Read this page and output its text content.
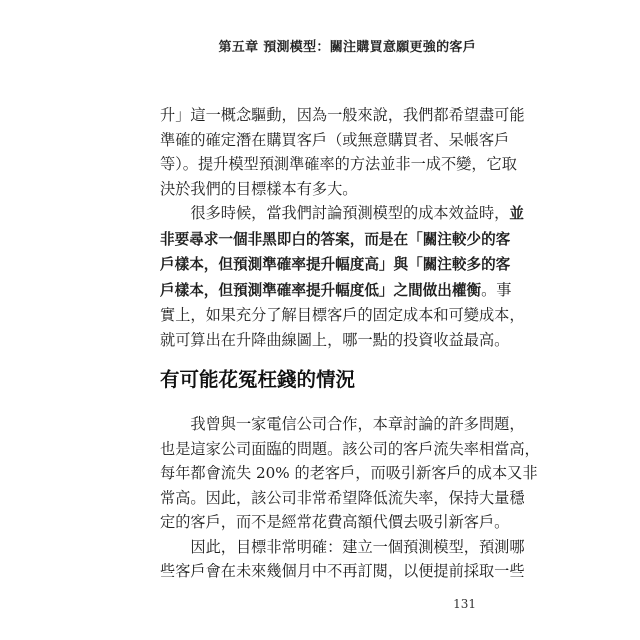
第五章 預測模型：關注購買意願更強的客戶

升」這一概念驅動，因為一般來說，我們都希望盡可能
準確的確定潛在購買客戶（或無意購買者、呆帳客戶
等）。提升模型預測準確率的方法並非一成不變，它取
決於我們的目標樣本有多大。

  很多時候，當我們討論預測模型的成本效益時，並
非要尋求一個非黑即白的答案，而是在「關注較少的客
戶樣本，但預測準確率提升幅度高」與「關注較多的客
戶樣本，但預測準確率提升幅度低」之間做出權衡。事
實上，如果充分了解目標客戶的固定成本和可變成本，
就可算出在升降曲線圖上，哪一點的投資收益最高。

有可能花冤枉錢的情況

  我曾與一家電信公司合作，本章討論的許多問題，
也是這家公司面臨的問題。該公司的客戶流失率相當高，
每年都會流失 20% 的老客戶，而吸引新客戶的成本又非
常高。因此，該公司非常希望降低流失率，保持大量穩
定的客戶，而不是經常花費高額代價去吸引新客戶。

  因此，目標非常明確：建立一個預測模型，預測哪
些客戶會在未來幾個月中不再訂閱，以便提前採取一些

131
